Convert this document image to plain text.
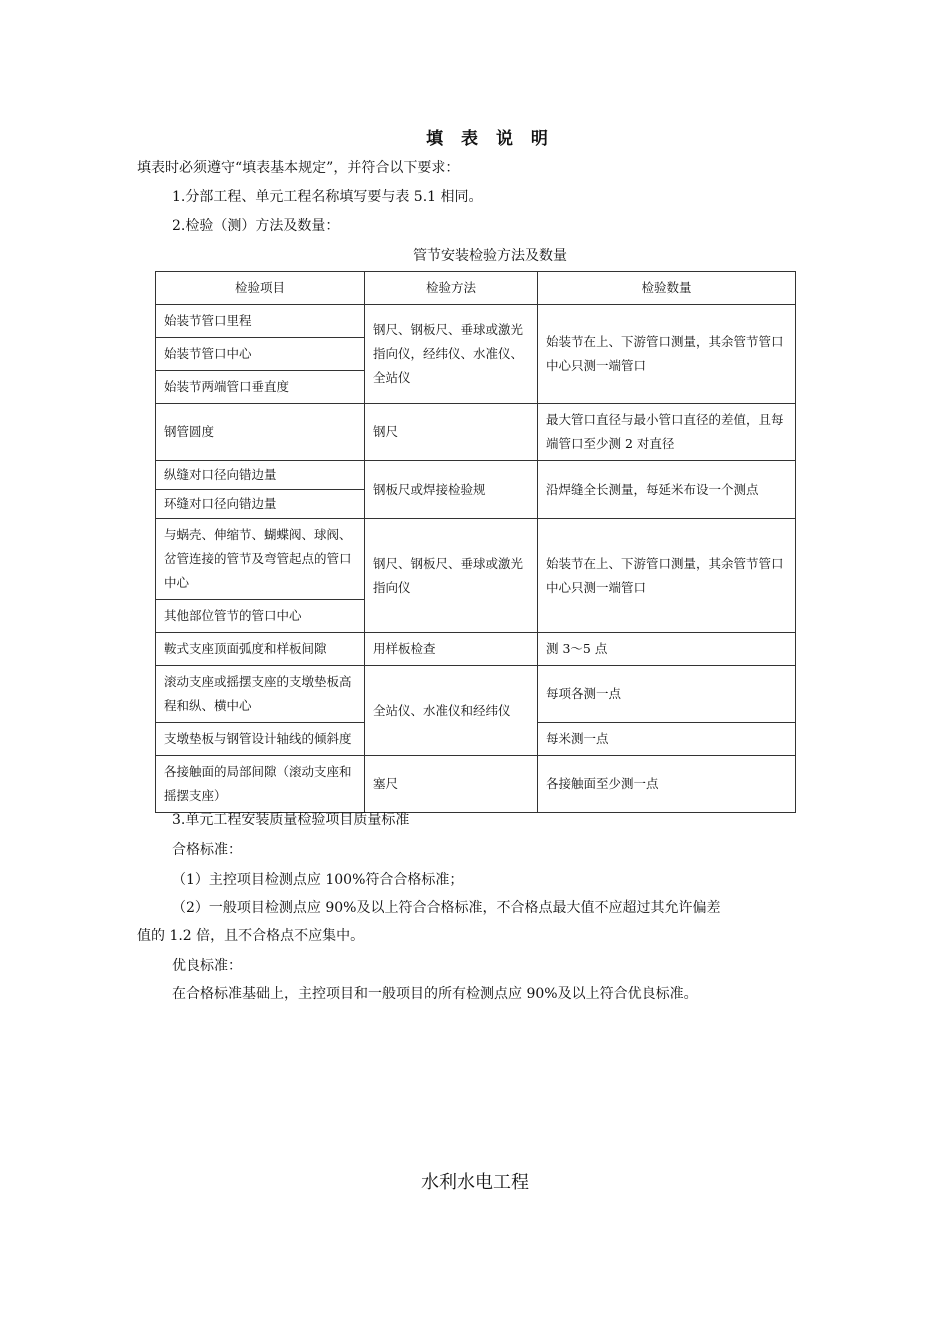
填 表 说 明
填表时必须遵守“填表基本规定”，并符合以下要求：
1.分部工程、单元工程名称填写要与表 5.1 相同。
2.检验（测）方法及数量：
管节安装检验方法及数量
检验项目	检验方法	检验数量
始装节管口里程	钢尺、钢板尺、垂球或激光指向仪，经纬仪、水准仪、全站仪	始装节在上、下游管口测量，其余管节管口中心只测一端管口
始装节管口中心		
始装节两端管口垂直度		
钢管圆度	钢尺	最大管口直径与最小管口直径的差值，且每端管口至少测 2 对直径
纵缝对口径向错边量	钢板尺或焊接检验规	沿焊缝全长测量，每延米布设一个测点
环缝对口径向错边量		
与蜗壳、伸缩节、蝴蝶阀、球阀、岔管连接的管节及弯管起点的管口中心	钢尺、钢板尺、垂球或激光指向仪	始装节在上、下游管口测量，其余管节管口中心只测一端管口
其他部位管节的管口中心		
鞍式支座顶面弧度和样板间隙	用样板检查	测 3～5 点
滚动支座或摇摆支座的支墩垫板高程和纵、横中心	全站仪、水准仪和经纬仪	每项各测一点
支墩垫板与钢管设计轴线的倾斜度		每米测一点
各接触面的局部间隙（滚动支座和摇摆支座）	塞尺	各接触面至少测一点
3.单元工程安装质量检验项目质量标准
合格标准：
（1）主控项目检测点应 100%符合合格标准；
（2）一般项目检测点应 90%及以上符合合格标准，不合格点最大值不应超过其允许偏差
值的 1.2 倍，且不合格点不应集中。
优良标准：
在合格标准基础上，主控项目和一般项目的所有检测点应 90%及以上符合优良标准。
水利水电工程
